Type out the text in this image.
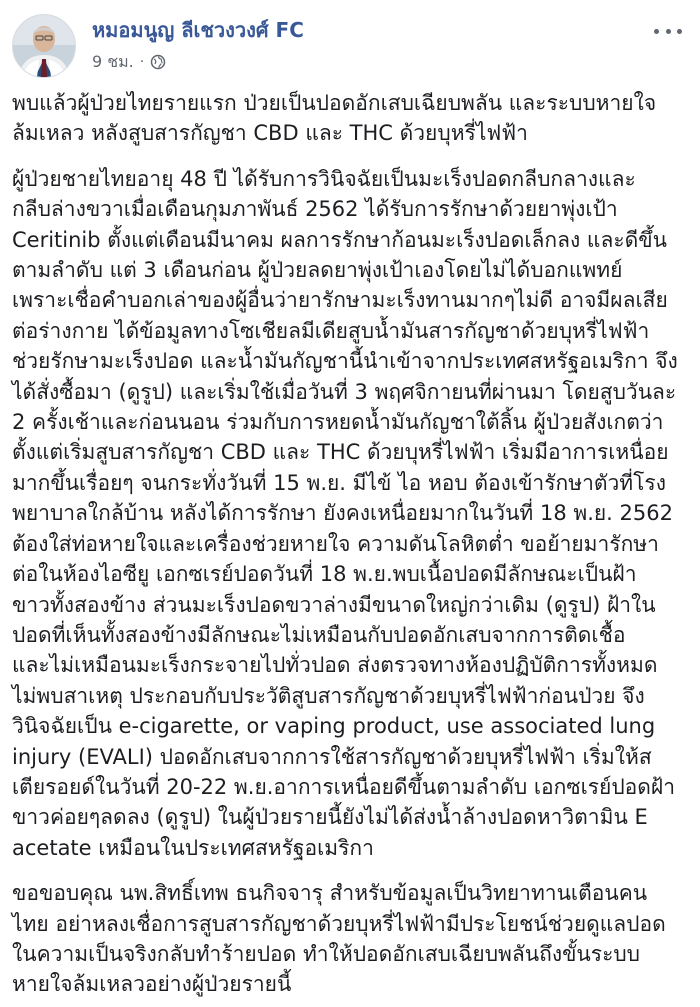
หมอมนูญ ลีเชวงวงศ์ FC
9 ชม. ·
พบแล้วผู้ป่วยไทยรายแรก ป่วยเป็นปอดอักเสบเฉียบพลัน และระบบหายใจ
ล้มเหลว หลังสูบสารกัญชา CBD และ THC ด้วยบุหรี่ไฟฟ้า
ผู้ป่วยชายไทยอายุ 48 ปี ได้รับการวินิจฉัยเป็นมะเร็งปอดกลีบกลางและ
กลีบล่างขวาเมื่อเดือนกุมภาพันธ์ 2562 ได้รับการรักษาด้วยยาพุ่งเป้า
Ceritinib ตั้งแต่เดือนมีนาคม ผลการรักษาก้อนมะเร็งปอดเล็กลง และดีขึ้น
ตามลำดับ แต่ 3 เดือนก่อน ผู้ป่วยลดยาพุ่งเป้าเองโดยไม่ได้บอกแพทย์
เพราะเชื่อคำบอกเล่าของผู้อื่นว่ายารักษามะเร็งทานมากๆไม่ดี อาจมีผลเสีย
ต่อร่างกาย ได้ข้อมูลทางโซเชียลมีเดียสูบน้ำมันสารกัญชาด้วยบุหรี่ไฟฟ้า
ช่วยรักษามะเร็งปอด และน้ำมันกัญชานี้นำเข้าจากประเทศสหรัฐอเมริกา จึง
ได้สั่งซื้อมา (ดูรูป) และเริ่มใช้เมื่อวันที่ 3 พฤศจิกายนที่ผ่านมา โดยสูบวันละ
2 ครั้งเช้าและก่อนนอน ร่วมกับการหยดน้ำมันกัญชาใต้ลิ้น ผู้ป่วยสังเกตว่า
ตั้งแต่เริ่มสูบสารกัญชา CBD และ THC ด้วยบุหรี่ไฟฟ้า เริ่มมีอาการเหนื่อย
มากขึ้นเรื่อยๆ จนกระทั่งวันที่ 15 พ.ย. มีไข้ ไอ หอบ ต้องเข้ารักษาตัวที่โรง
พยาบาลใกล้บ้าน หลังได้การรักษา ยังคงเหนื่อยมากในวันที่ 18 พ.ย. 2562
ต้องใส่ท่อหายใจและเครื่องช่วยหายใจ ความดันโลหิตต่ำ ขอย้ายมารักษา
ต่อในห้องไอซียู เอกซเรย์ปอดวันที่ 18 พ.ย.พบเนื้อปอดมีลักษณะเป็นฝ้า
ขาวทั้งสองข้าง ส่วนมะเร็งปอดขวาล่างมีขนาดใหญ่กว่าเดิม (ดูรูป) ฝ้าใน
ปอดที่เห็นทั้งสองข้างมีลักษณะไม่เหมือนกับปอดอักเสบจากการติดเชื้อ
และไม่เหมือนมะเร็งกระจายไปทั่วปอด ส่งตรวจทางห้องปฏิบัติการทั้งหมด
ไม่พบสาเหตุ ประกอบกับประวัติสูบสารกัญชาด้วยบุหรี่ไฟฟ้าก่อนป่วย จึง
วินิจฉัยเป็น e-cigarette, or vaping product, use associated lung
injury (EVALI) ปอดอักเสบจากการใช้สารกัญชาด้วยบุหรี่ไฟฟ้า เริ่มให้ส
เตียรอยด์ในวันที่ 20-22 พ.ย.อาการเหนื่อยดีขึ้นตามลำดับ เอกซเรย์ปอดฝ้า
ขาวค่อยๆลดลง (ดูรูป) ในผู้ป่วยรายนี้ยังไม่ได้ส่งน้ำล้างปอดหาวิตามิน E
acetate เหมือนในประเทศสหรัฐอเมริกา
ขอขอบคุณ นพ.สิทธิ์เทพ ธนกิจจารุ สำหรับข้อมูลเป็นวิทยาทานเตือนคน
ไทย อย่าหลงเชื่อการสูบสารกัญชาด้วยบุหรี่ไฟฟ้ามีประโยชน์ช่วยดูแลปอด
ในความเป็นจริงกลับทำร้ายปอด ทำให้ปอดอักเสบเฉียบพลันถึงขั้นระบบ
หายใจล้มเหลวอย่างผู้ป่วยรายนี้
